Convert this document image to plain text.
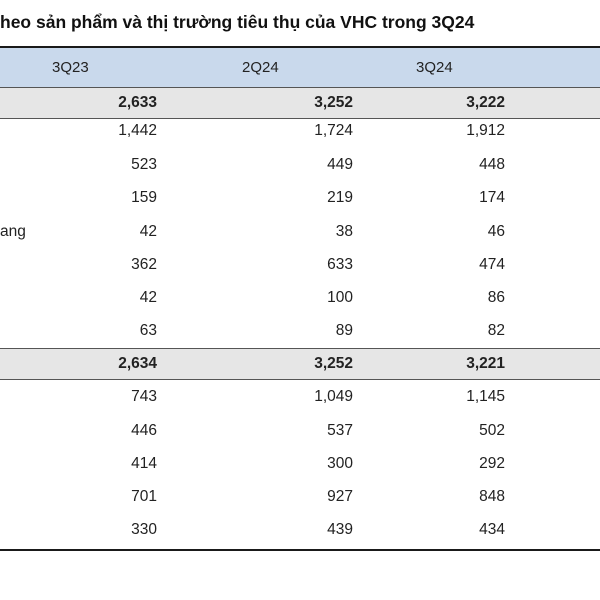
heo sản phẩm và thị trường tiêu thụ của VHC trong 3Q24
3Q23	2Q24	3Q24
2,633	3,252	3,222
1,442	1,724	1,912
523	449	448
159	219	174
ang	42	38	46
362	633	474
42	100	86
63	89	82
2,634	3,252	3,221
743	1,049	1,145
446	537	502
414	300	292
701	927	848
330	439	434
